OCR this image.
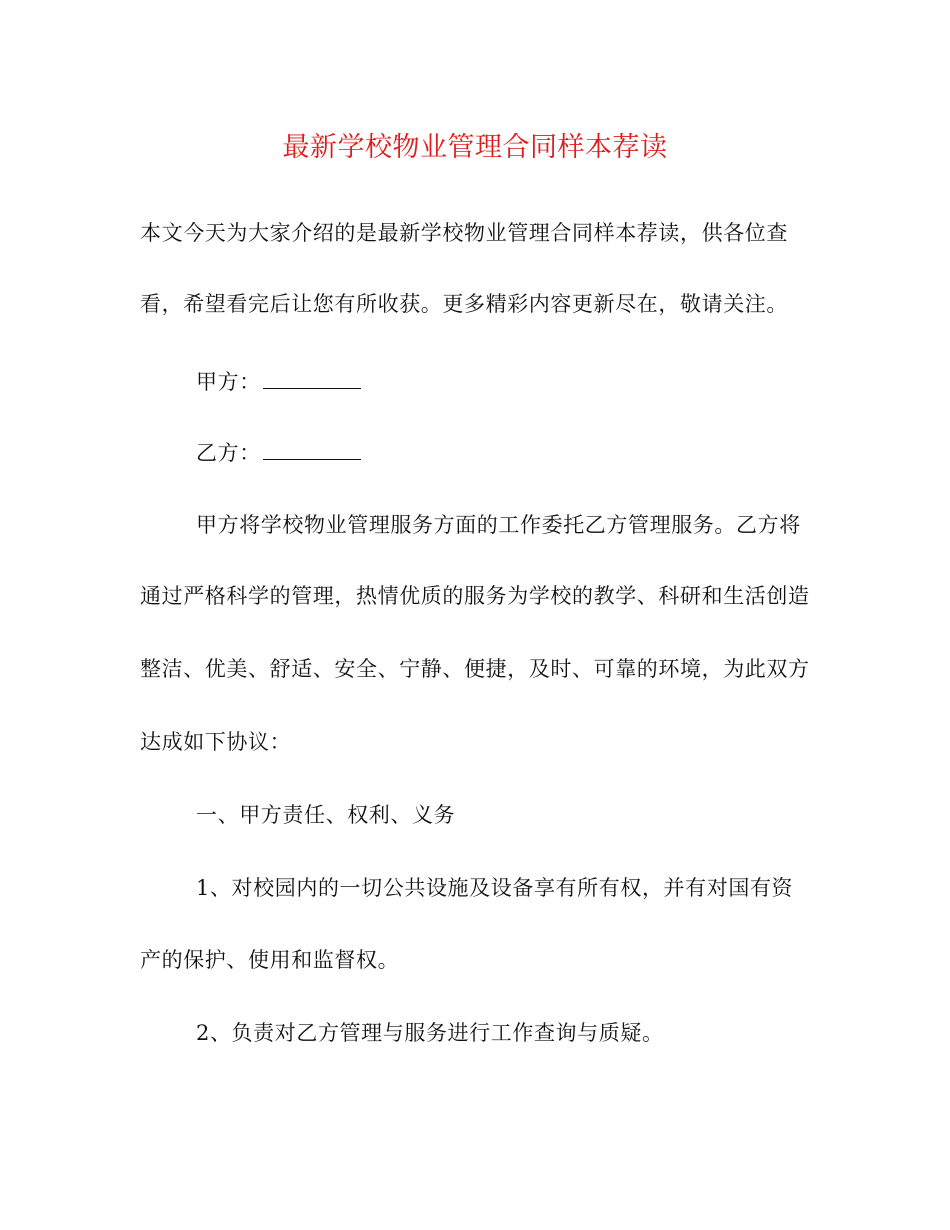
最新学校物业管理合同样本荐读
本文今天为大家介绍的是最新学校物业管理合同样本荐读，供各位查
看，希望看完后让您有所收获。更多精彩内容更新尽在，敬请关注。
甲方：
乙方：
甲方将学校物业管理服务方面的工作委托乙方管理服务。乙方将
通过严格科学的管理，热情优质的服务为学校的教学、科研和生活创造
整洁、优美、舒适、安全、宁静、便捷，及时、可靠的环境，为此双方
达成如下协议：
一、甲方责任、权利、义务
1、对校园内的一切公共设施及设备享有所有权，并有对国有资
产的保护、使用和监督权。
2、负责对乙方管理与服务进行工作查询与质疑。
